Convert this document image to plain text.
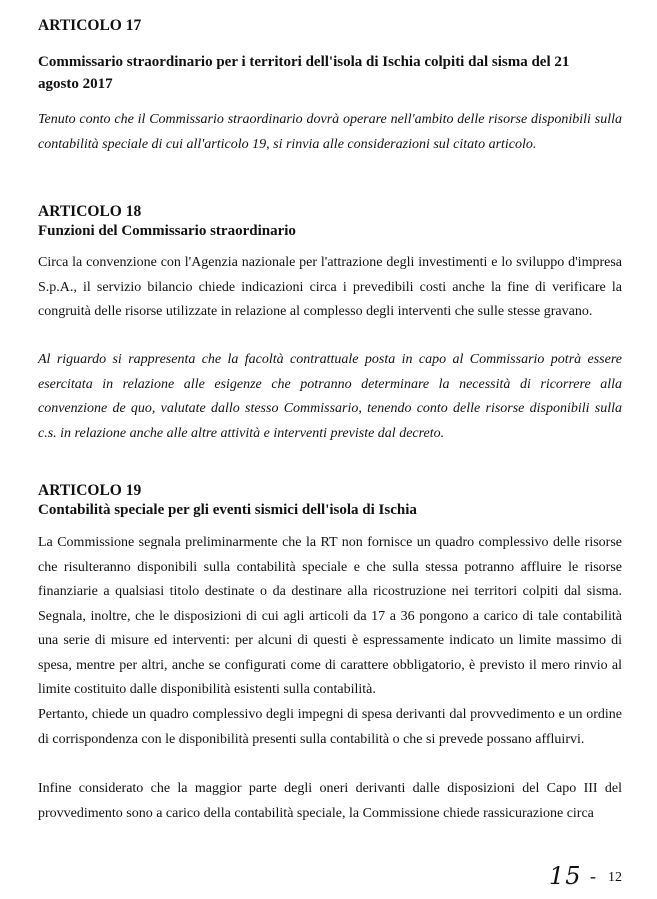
ARTICOLO 17
Commissario straordinario per i territori dell'isola di Ischia colpiti dal sisma del 21 agosto 2017
Tenuto conto che il Commissario straordinario dovrà operare nell'ambito delle risorse disponibili sulla contabilità speciale di cui all'articolo 19, si rinvia alle considerazioni sul citato articolo.
ARTICOLO 18
Funzioni del Commissario straordinario
Circa la convenzione con l'Agenzia nazionale per l'attrazione degli investimenti e lo sviluppo d'impresa S.p.A., il servizio bilancio chiede indicazioni circa i prevedibili costi anche la fine di verificare la congruità delle risorse utilizzate in relazione al complesso degli interventi che sulle stesse gravano.
Al riguardo si rappresenta che la facoltà contrattuale posta in capo al Commissario potrà essere esercitata in relazione alle esigenze che potranno determinare la necessità di ricorrere alla convenzione de quo, valutate dallo stesso Commissario, tenendo conto delle risorse disponibili sulla c.s. in relazione anche alle altre attività e interventi previste dal decreto.
ARTICOLO 19
Contabilità speciale per gli eventi sismici dell'isola di Ischia
La Commissione segnala preliminarmente che la RT non fornisce un quadro complessivo delle risorse che risulteranno disponibili sulla contabilità speciale e che sulla stessa potranno affluire le risorse finanziarie a qualsiasi titolo destinate o da destinare alla ricostruzione nei territori colpiti dal sisma. Segnala, inoltre, che le disposizioni di cui agli articoli da 17 a 36 pongono a carico di tale contabilità una serie di misure ed interventi: per alcuni di questi è espressamente indicato un limite massimo di spesa, mentre per altri, anche se configurati come di carattere obbligatorio, è previsto il mero rinvio al limite costituito dalle disponibilità esistenti sulla contabilità.
Pertanto, chiede un quadro complessivo degli impegni di spesa derivanti dal provvedimento e un ordine di corrispondenza con le disponibilità presenti sulla contabilità o che si prevede possano affluirvi.
Infine considerato che la maggior parte degli oneri derivanti dalle disposizioni del Capo III del provvedimento sono a carico della contabilità speciale, la Commissione chiede rassicurazione circa
15 - 12
